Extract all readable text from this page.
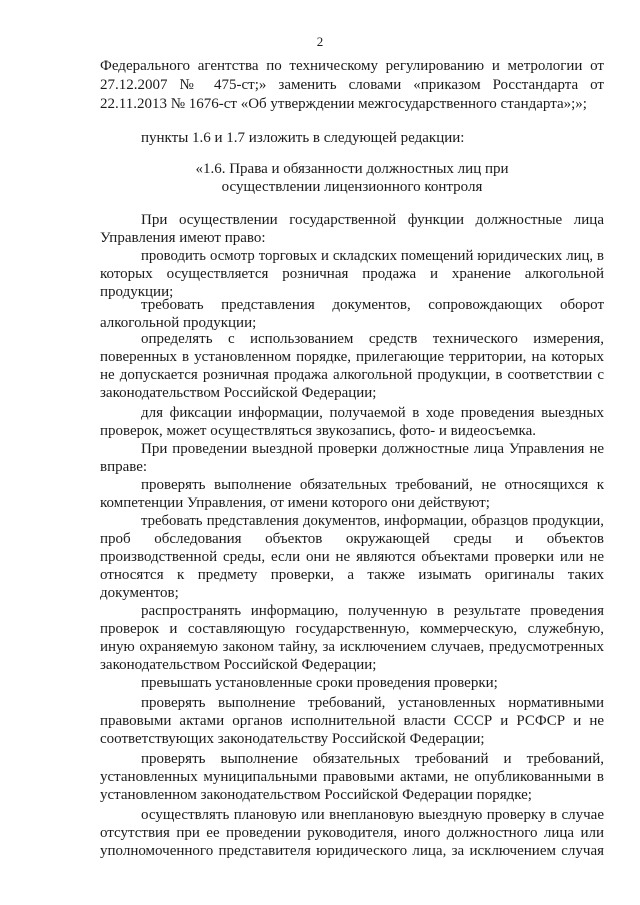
2
Федерального агентства по техническому регулированию и метрологии от
27.12.2007 № 475-ст;» заменить словами «приказом Росстандарта от
22.11.2013 № 1676-ст «Об утверждении межгосударственного стандарта»;»;
пункты 1.6 и 1.7 изложить в следующей редакции:
«1.6. Права и обязанности должностных лиц при
осуществлении лицензионного контроля
При осуществлении государственной функции должностные лица
Управления имеют право:
проводить осмотр торговых и складских помещений юридических лиц, в
которых осуществляется розничная продажа и хранение алкогольной
продукции;
требовать представления документов, сопровождающих оборот
алкогольной продукции;
определять с использованием средств технического измерения,
поверенных в установленном порядке, прилегающие территории, на которых
не допускается розничная продажа алкогольной продукции, в соответствии с
законодательством Российской Федерации;
для фиксации информации, получаемой в ходе проведения выездных
проверок, может осуществляться звукозапись, фото- и видеосъемка.
При проведении выездной проверки должностные лица Управления не
вправе:
проверять выполнение обязательных требований, не относящихся к
компетенции Управления, от имени которого они действуют;
требовать представления документов, информации, образцов продукции,
проб обследования объектов окружающей среды и объектов
производственной среды, если они не являются объектами проверки или не
относятся к предмету проверки, а также изымать оригиналы таких
документов;
распространять информацию, полученную в результате проведения
проверок и составляющую государственную, коммерческую, служебную,
иную охраняемую законом тайну, за исключением случаев, предусмотренных
законодательством Российской Федерации;
превышать установленные сроки проведения проверки;
проверять выполнение требований, установленных нормативными
правовыми актами органов исполнительной власти СССР и РСФСР и не
соответствующих законодательству Российской Федерации;
проверять выполнение обязательных требований и требований,
установленных муниципальными правовыми актами, не опубликованными в
установленном законодательством Российской Федерации порядке;
осуществлять плановую или внеплановую выездную проверку в случае
отсутствия при ее проведении руководителя, иного должностного лица или
уполномоченного представителя юридического лица, за исключением случая
